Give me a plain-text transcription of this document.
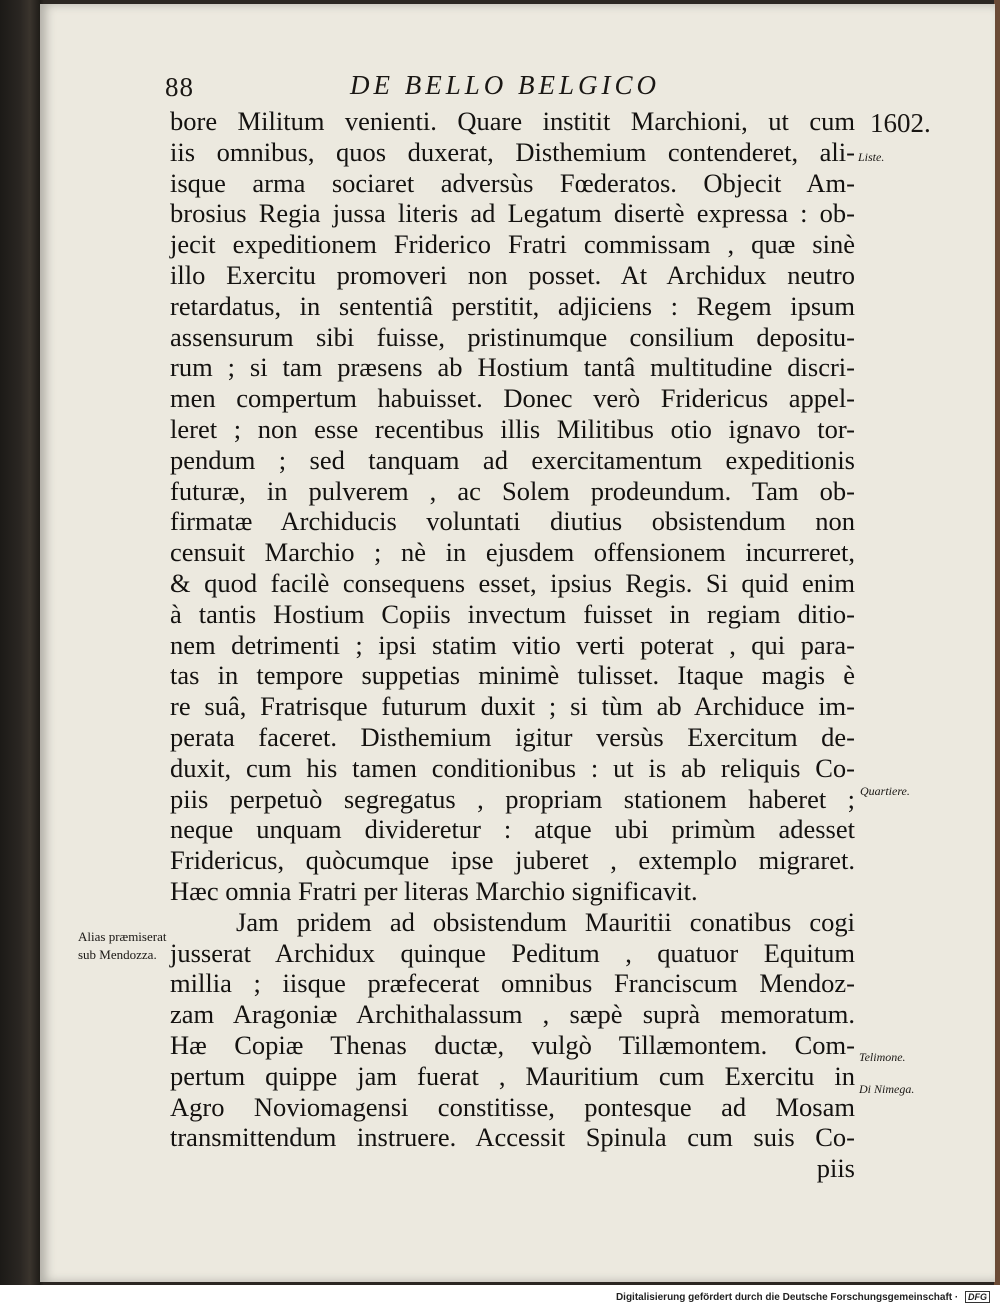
88	DE BELLO BELGICO
1602.
Liste.
Quartiere.
Telimone.
Di Nimega.
Alias præmiserat sub Mendozza.
bore Militum venienti. Quare institit Marchioni, ut cum
iis omnibus, quos duxerat, Disthemium contenderet, ali-
isque arma sociaret adversùs Fœderatos. Objecit Am-
brosius Regia jussa literis ad Legatum disertè expressa : ob-
jecit expeditionem Friderico Fratri commissam , quæ sinè
illo Exercitu promoveri non posset. At Archidux neutro
retardatus, in sententiâ perstitit, adjiciens : Regem ipsum
assensurum sibi fuisse, pristinumque consilium depositu-
rum ; si tam præsens ab Hostium tantâ multitudine discri-
men compertum habuisset. Donec verò Fridericus appel-
leret ; non esse recentibus illis Militibus otio ignavo tor-
pendum ; sed tanquam ad exercitamentum expeditionis
futuræ, in pulverem , ac Solem prodeundum. Tam ob-
firmatæ Archiducis voluntati diutius obsistendum non
censuit Marchio ; nè in ejusdem offensionem incurreret,
& quod facilè consequens esset, ipsius Regis. Si quid enim
à tantis Hostium Copiis invectum fuisset in regiam ditio-
nem detrimenti ; ipsi statim vitio verti poterat , qui para-
tas in tempore suppetias minimè tulisset. Itaque magis è
re suâ, Fratrisque futurum duxit ; si tùm ab Archiduce im-
perata faceret. Disthemium igitur versùs Exercitum de-
duxit, cum his tamen conditionibus : ut is ab reliquis Co-
piis perpetuò segregatus , propriam stationem haberet ;
neque unquam divideretur : atque ubi primùm adesset
Fridericus, quòcumque ipse juberet , extemplo migraret.
Hæc omnia Fratri per literas Marchio significavit.
Jam pridem ad obsistendum Mauritii conatibus cogi
jusserat Archidux quinque Peditum , quatuor Equitum
millia ; iisque præfecerat omnibus Franciscum Mendoz-
zam Aragoniæ Archithalassum , sæpè suprà memoratum.
Hæ Copiæ Thenas ductæ, vulgò Tillæmontem. Com-
pertum quippe jam fuerat , Mauritium cum Exercitu in
Agro Noviomagensi constitisse, pontesque ad Mosam
transmittendum instruere. Accessit Spinula cum suis Co-
piis
Digitalisierung gefördert durch die Deutsche Forschungsgemeinschaft · DFG
